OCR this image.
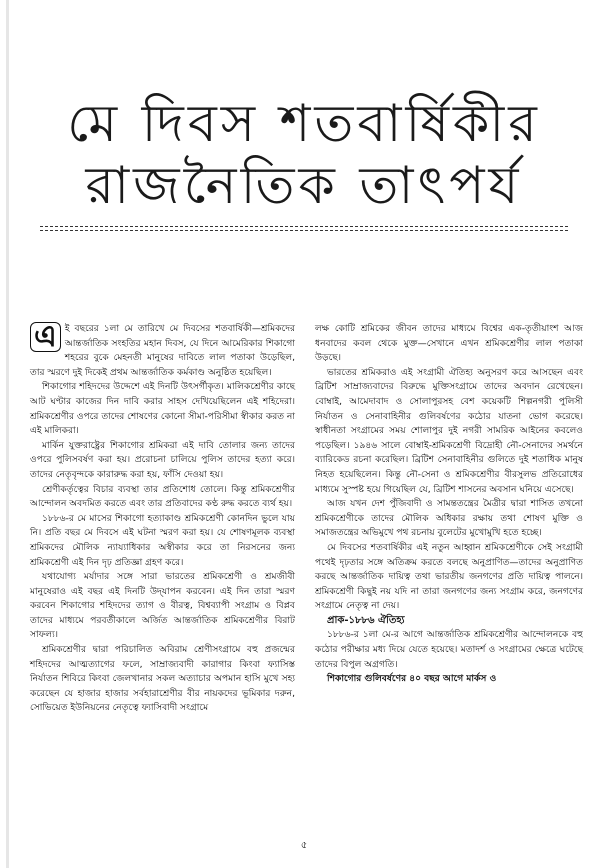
মে দিবস শতবার্ষিকীর
রাজনৈতিক তাৎপর্য

এ ই বছরের ১লা মে তারিখে মে দিবসের শতবার্ষিকী—শ্রমিকদের আন্তর্জাতিক সংহতির মহান দিবস, যে দিনে আমেরিকার শিকাগো শহরের বুকে মেহনতী মানুষের দাবিতে লাল পতাকা উড়েছিল, তার স্মরণে দুই দিকেই প্রথম আন্তর্জাতিক কর্মকাণ্ড অনুষ্ঠিত হয়েছিল।

শিকাগোর শহিদদের উদ্দেশে এই দিনটি উৎসর্গীকৃত। মালিকশ্রেণীর কাছে আট ঘণ্টার কাজের দিন দাবি করার সাহস দেখিয়েছিলেন এই শহিদেরা। শ্রমিকশ্রেণীর ওপরে তাদের শোষণের কোনো সীমা-পরিসীমা স্বীকার করত না এই মালিকরা।

মার্কিন যুক্তরাষ্ট্রের শিকাগোর শ্রমিকরা এই দাবি তোলার জন্য তাদের ওপরে পুলিসবর্ষণ করা হয়। প্ররোচনা চালিয়ে পুলিস তাদের হত্যা করে। তাদের নেতৃবৃন্দকে কারারুদ্ধ করা হয়, ফাঁসি দেওয়া হয়।

শ্রেণীকর্তৃত্বের বিচার ব্যবস্থা তার প্রতিশোধ তোলে। কিন্তু শ্রমিকশ্রেণীর আন্দোলন অবদমিত করতে এবং তার প্রতিবাদের কণ্ঠ রুদ্ধ করতে ব্যর্থ হয়।

১৮৮৬-র মে মাসের শিকাগো হত্যাকাণ্ড শ্রমিকশ্রেণী কোনদিন ভুলে যায় নি। প্রতি বছর মে দিবসে এই ঘটনা স্মরণ করা হয়। যে শোষণমূলক ব্যবস্থা শ্রমিকদের মৌলিক ন্যায্যাধিকার অস্বীকার করে তা নিরসনের জন্য শ্রমিকশ্রেণী এই দিন দৃঢ় প্রতিজ্ঞা গ্রহণ করে।

যথাযোগ্য মর্যাদার সঙ্গে সারা ভারতের শ্রমিকশ্রেণী ও শ্রমজীবী মানুষেরাও এই বছর এই দিনটি উদ্‌যাপন করবেন। এই দিন তারা স্মরণ করবেন শিকাগোর শহিদদের ত্যাগ ও বীরত্ব, বিশ্বব্যাপী সংগ্রাম ও বিপ্লব তাদের মাধ্যমে পরবর্তীকালে অর্জিত আন্তর্জাতিক শ্রমিকশ্রেণীর বিরাট সাফল্য।

শ্রমিকশ্রেণীর দ্বারা পরিচালিত অবিরাম শ্রেণীসংগ্রামে বহু প্রজন্মের শহিদদের আত্মত্যাগের ফলে, সাম্রাজ্যবাদী কারাগার কিংবা ফ্যাসিস্ত নির্যাতন শিবিরে কিংবা জেলখানার সকল অত্যাচার অপমান হাসি মুখে সহ্য করেছেন যে হাজার হাজার সর্বহারাশ্রেণীর বীর নায়কদের ভূমিকার দরুন, সোভিয়েত ইউনিয়নের নেতৃত্বে ফ্যাসিবাদী সংগ্রামে

লক্ষ কোটি শ্রমিকের জীবন তাদের মাধ্যমে বিশ্বের এক-তৃতীয়াংশ আজ ধনবাদের কবল থেকে মুক্ত—সেখানে এখন শ্রমিকশ্রেণীর লাল পতাকা উড়ছে।

ভারতের শ্রমিকরাও এই সংগ্রামী ঐতিহ্য অনুসরণ করে আসছেন এবং ব্রিটিশ সাম্রাজ্যবাদের বিরুদ্ধে মুক্তিসংগ্রামে তাদের অবদান রেখেছেন। বোম্বাই, আমেদাবাদ ও সোলাপুরসহ বেশ কয়েকটি শিল্পনগরী পুলিসী নির্যাতন ও সেনাবাহিনীর গুলিবর্ষণের কঠোর যাতনা ভোগ করেছে। স্বাধীনতা সংগ্রামের সময় শোলাপুর দুই নগরী সামরিক আইনের কবলেও পড়েছিল। ১৯৪৬ সালে বোম্বাই-শ্রমিকশ্রেণী বিদ্রোহী নৌ-সেনাদের সমর্থনে ব্যারিকেড রচনা করেছিল। ব্রিটিশ সেনাবাহিনীর গুলিতে দুই শতাধিক মানুষ নিহত হয়েছিলেন। কিন্তু নৌ-সেনা ও শ্রমিকশ্রেণীর বীরসুলভ প্রতিরোধের মাধ্যমে সুস্পষ্ট হয়ে গিয়েছিল যে, ব্রিটিশ শাসনের অবসান ঘনিয়ে এসেছে।

আজ যখন দেশ পুঁজিবাদী ও সামন্ততন্ত্রের মৈত্রীর দ্বারা শাসিত তখনো শ্রমিকশ্রেণীকে তাদের মৌলিক অধিকার রক্ষায় তথা শোষণ মুক্তি ও সমাজতন্ত্রের অভিমুখে পথ রচনায় বুলেটের মুখোমুখি হতে হচ্ছে।

মে দিবসের শতবার্ষিকীর এই নতুন আহ্বান শ্রমিকশ্রেণীকে সেই সংগ্রামী পথেই দৃঢ়তার সঙ্গে অতিক্রম করতে বলছে অনুপ্রাণিত—তাদের অনুপ্রাণিত করছে আন্তর্জাতিক দায়িত্ব তথা ভারতীয় জনগণের প্রতি দায়িত্ব পালনে। শ্রমিকশ্রেণী কিছুই নয় যদি না তারা জনগণের জন্য সংগ্রাম করে, জনগণের সংগ্রামে নেতৃত্ব না দেয়।

প্রাক-১৮৮৬ ঐতিহ্য

১৮৮৬-র ১লা মে-র আগে আন্তর্জাতিক শ্রমিকশ্রেণীর আন্দোলনকে বহু কঠোর পরীক্ষার মধ্য দিয়ে যেতে হয়েছে। মতাদর্শ ও সংগ্রামের ক্ষেত্রে ঘটেছে তাদের বিপুল অগ্রগতি।

শিকাগোর গুলিবর্ষণের ৪০ বছর আগে মার্কস ও

৫
